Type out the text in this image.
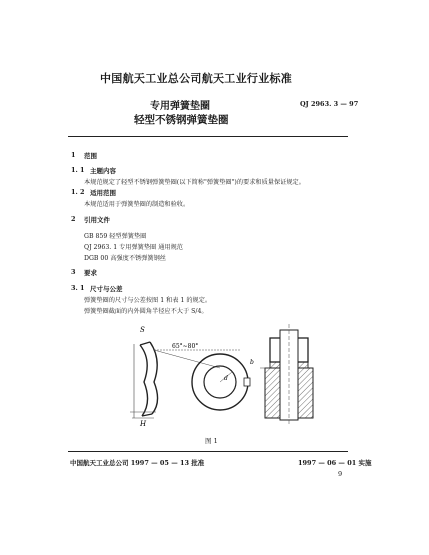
中国航天工业总公司航天工业行业标准
专用弹簧垫圈	QJ 2963. 3 — 97
轻型不锈钢弹簧垫圈
1 范围
1. 1 主题内容
本规范规定了轻型不锈钢弹簧垫圈(以下简称"弹簧垫圈")的要求和质量保证规定。
1. 2 适用范围
本规范适用于弹簧垫圈的制造和验收。
2 引用文件
GB 859 轻型弹簧垫圈
QJ 2963. 1 专用弹簧垫圈 通用规范
DGB 00 高强度不锈弹簧钢丝
3 要求
3. 1 尺寸与公差
弹簧垫圈的尺寸与公差按图 1 和表 1 的规定。
弹簧垫圈截面的内外圆角半径应不大于 S/4。
S
H
65°~80°
d
b
图 1
中国航天工业总公司 1997 — 05 — 13 批准	1997 — 06 — 01 实施
9
